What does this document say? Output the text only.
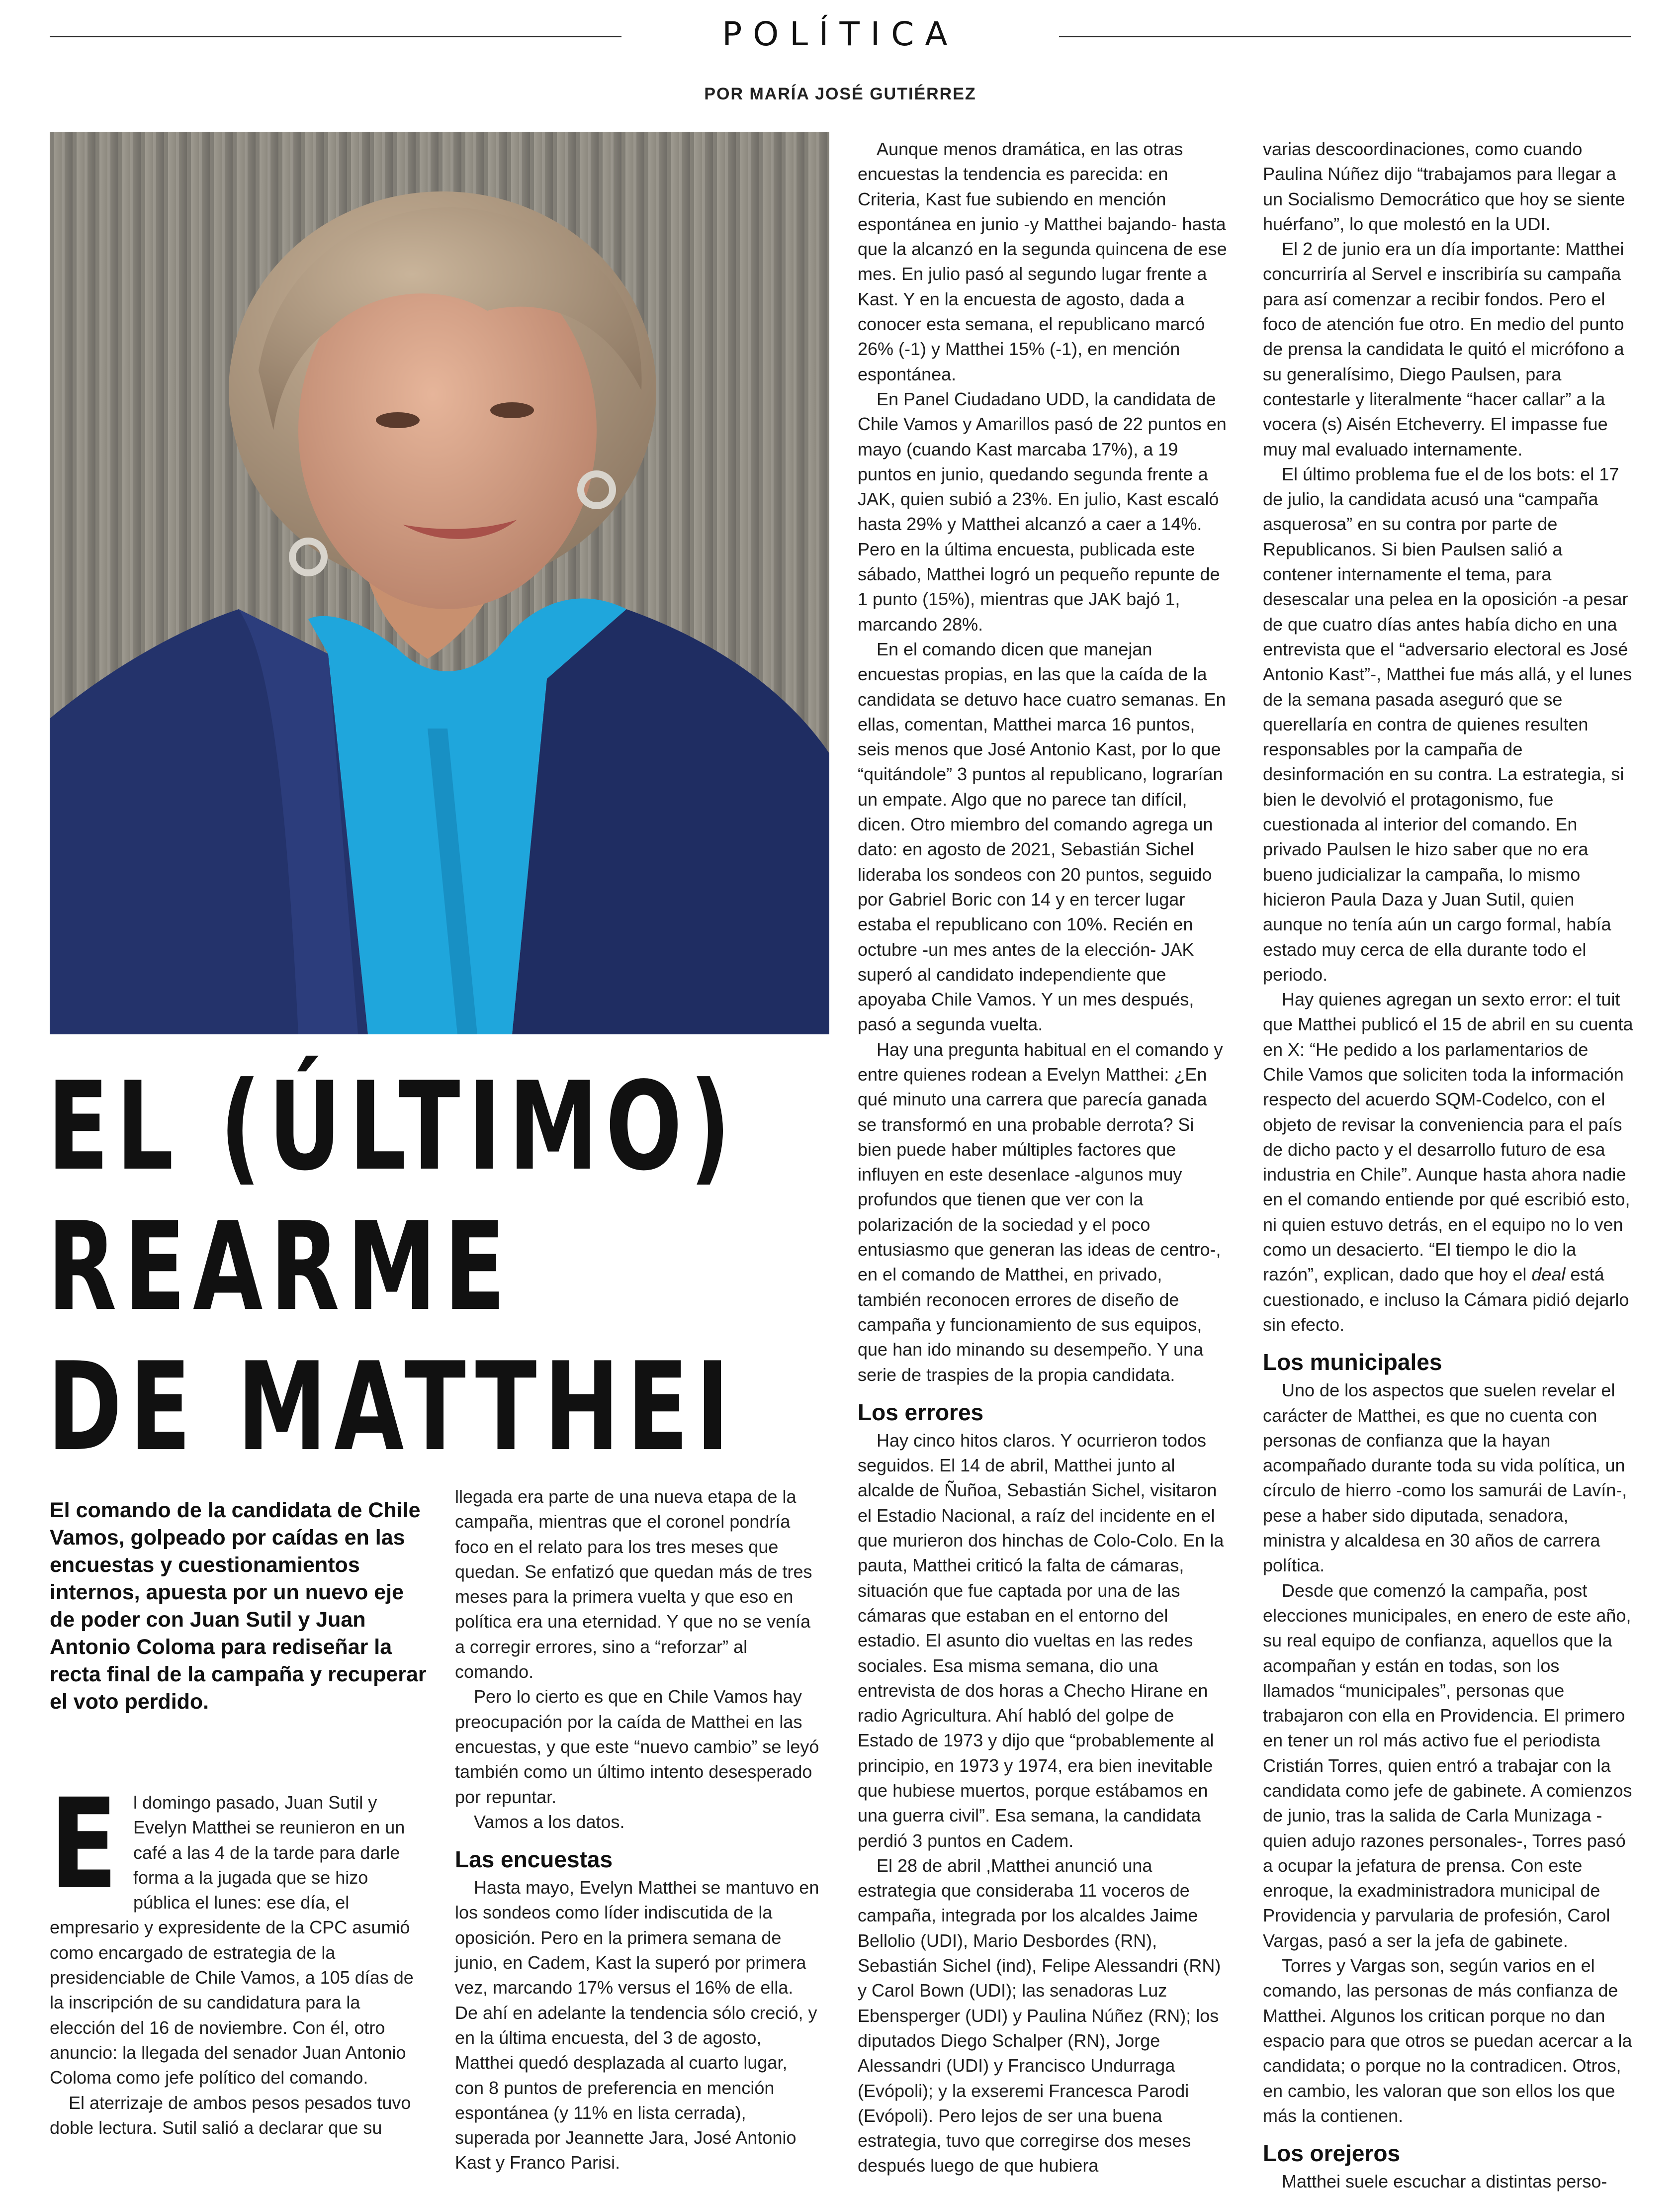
POLÍTICA
POR MARÍA JOSÉ GUTIÉRREZ
EL (ÚLTIMO)
REARME
DE MATTHEI
El comando de la candidata de Chile Vamos, golpeado por caídas en las encuestas y cuestionamientos internos, apuesta por un nuevo eje de poder con Juan Sutil y Juan Antonio Coloma para rediseñar la recta final de la campaña y recuperar el voto perdido.

El domingo pasado, Juan Sutil y Evelyn Matthei se reunieron en un café a las 4 de la tarde para darle forma a la jugada que se hizo pública el lunes: ese día, el empresario y expresidente de la CPC asumió como encargado de estrategia de la presidenciable de Chile Vamos, a 105 días de la inscripción de su candidatura para la elección del 16 de noviembre. Con él, otro anuncio: la llegada del senador Juan Antonio Coloma como jefe político del comando.

El aterrizaje de ambos pesos pesados tuvo doble lectura. Sutil salió a declarar que su

llegada era parte de una nueva etapa de la campaña, mientras que el coronel pondría foco en el relato para los tres meses que quedan. Se enfatizó que quedan más de tres meses para la primera vuelta y que eso en política era una eternidad. Y que no se venía a corregir errores, sino a “reforzar” al comando.

Pero lo cierto es que en Chile Vamos hay preocupación por la caída de Matthei en las encuestas, y que este “nuevo cambio” se leyó también como un último intento desesperado por repuntar.

Vamos a los datos.

Las encuestas

Hasta mayo, Evelyn Matthei se mantuvo en los sondeos como líder indiscutida de la oposición. Pero en la primera semana de junio, en Cadem, Kast la superó por primera vez, marcando 17% versus el 16% de ella. De ahí en adelante la tendencia sólo creció, y en la última encuesta, del 3 de agosto, Matthei quedó desplazada al cuarto lugar, con 8 puntos de preferencia en mención espontánea (y 11% en lista cerrada), superada por Jeannette Jara, José Antonio Kast y Franco Parisi.

Aunque menos dramática, en las otras encuestas la tendencia es parecida: en Criteria, Kast fue subiendo en mención espontánea en junio -y Matthei bajando- hasta que la alcanzó en la segunda quincena de ese mes. En julio pasó al segundo lugar frente a Kast. Y en la encuesta de agosto, dada a conocer esta semana, el republicano marcó 26% (-1) y Matthei 15% (-1), en mención espontánea.

En Panel Ciudadano UDD, la candidata de Chile Vamos y Amarillos pasó de 22 puntos en mayo (cuando Kast marcaba 17%), a 19 puntos en junio, quedando segunda frente a JAK, quien subió a 23%. En julio, Kast escaló hasta 29% y Matthei alcanzó a caer a 14%. Pero en la última encuesta, publicada este sábado, Matthei logró un pequeño repunte de 1 punto (15%), mientras que JAK bajó 1, marcando 28%.

En el comando dicen que manejan encuestas propias, en las que la caída de la candidata se detuvo hace cuatro semanas. En ellas, comentan, Matthei marca 16 puntos, seis menos que José Antonio Kast, por lo que “quitándole” 3 puntos al republicano, lograrían un empate. Algo que no parece tan difícil, dicen. Otro miembro del comando agrega un dato: en agosto de 2021, Sebastián Sichel lideraba los sondeos con 20 puntos, seguido por Gabriel Boric con 14 y en tercer lugar estaba el republicano con 10%. Recién en octubre -un mes antes de la elección- JAK superó al candidato independiente que apoyaba Chile Vamos. Y un mes después, pasó a segunda vuelta.

Hay una pregunta habitual en el comando y entre quienes rodean a Evelyn Matthei: ¿En qué minuto una carrera que parecía ganada se transformó en una probable derrota? Si bien puede haber múltiples factores que influyen en este desenlace -algunos muy profundos que tienen que ver con la polarización de la sociedad y el poco entusiasmo que generan las ideas de centro-, en el comando de Matthei, en privado, también reconocen errores de diseño de campaña y funcionamiento de sus equipos, que han ido minando su desempeño. Y una serie de traspies de la propia candidata.

Los errores

Hay cinco hitos claros. Y ocurrieron todos seguidos. El 14 de abril, Matthei junto al alcalde de Ñuñoa, Sebastián Sichel, visitaron el Estadio Nacional, a raíz del incidente en el que murieron dos hinchas de Colo-Colo. En la pauta, Matthei criticó la falta de cámaras, situación que fue captada por una de las cámaras que estaban en el entorno del estadio. El asunto dio vueltas en las redes sociales. Esa misma semana, dio una entrevista de dos horas a Checho Hirane en radio Agricultura. Ahí habló del golpe de Estado de 1973 y dijo que “probablemente al principio, en 1973 y 1974, era bien inevitable que hubiese muertos, porque estábamos en una guerra civil”. Esa semana, la candidata perdió 3 puntos en Cadem.

El 28 de abril ,Matthei anunció una estrategia que consideraba 11 voceros de campaña, integrada por los alcaldes Jaime Bellolio (UDI), Mario Desbordes (RN), Sebastián Sichel (ind), Felipe Alessandri (RN) y Carol Bown (UDI); las senadoras Luz Ebensperger (UDI) y Paulina Núñez (RN); los diputados Diego Schalper (RN), Jorge Alessandri (UDI) y Francisco Undurraga (Evópoli); y la exseremi Francesca Parodi (Evópoli). Pero lejos de ser una buena estrategia, tuvo que corregirse dos meses después luego de que hubiera

varias descoordinaciones, como cuando Paulina Núñez dijo “trabajamos para llegar a un Socialismo Democrático que hoy se siente huérfano”, lo que molestó en la UDI.

El 2 de junio era un día importante: Matthei concurriría al Servel e inscribiría su campaña para así comenzar a recibir fondos. Pero el foco de atención fue otro. En medio del punto de prensa la candidata le quitó el micrófono a su generalísimo, Diego Paulsen, para contestarle y literalmente “hacer callar” a la vocera (s) Aisén Etcheverry. El impasse fue muy mal evaluado internamente.

El último problema fue el de los bots: el 17 de julio, la candidata acusó una “campaña asquerosa” en su contra por parte de Republicanos. Si bien Paulsen salió a contener internamente el tema, para desescalar una pelea en la oposición -a pesar de que cuatro días antes había dicho en una entrevista que el “adversario electoral es José Antonio Kast”-, Matthei fue más allá, y el lunes de la semana pasada aseguró que se querellaría en contra de quienes resulten responsables por la campaña de desinformación en su contra. La estrategia, si bien le devolvió el protagonismo, fue cuestionada al interior del comando. En privado Paulsen le hizo saber que no era bueno judicializar la campaña, lo mismo hicieron Paula Daza y Juan Sutil, quien aunque no tenía aún un cargo formal, había estado muy cerca de ella durante todo el periodo.

Hay quienes agregan un sexto error: el tuit que Matthei publicó el 15 de abril en su cuenta en X: “He pedido a los parlamentarios de Chile Vamos que soliciten toda la información respecto del acuerdo SQM-Codelco, con el objeto de revisar la conveniencia para el país de dicho pacto y el desarrollo futuro de esa industria en Chile”. Aunque hasta ahora nadie en el comando entiende por qué escribió esto, ni quien estuvo detrás, en el equipo no lo ven como un desacierto. “El tiempo le dio la razón”, explican, dado que hoy el deal está cuestionado, e incluso la Cámara pidió dejarlo sin efecto.

Los municipales

Uno de los aspectos que suelen revelar el carácter de Matthei, es que no cuenta con personas de confianza que la hayan acompañado durante toda su vida política, un círculo de hierro -como los samurái de Lavín-, pese a haber sido diputada, senadora, ministra y alcaldesa en 30 años de carrera política.

Desde que comenzó la campaña, post elecciones municipales, en enero de este año, su real equipo de confianza, aquellos que la acompañan y están en todas, son los llamados “municipales”, personas que trabajaron con ella en Providencia. El primero en tener un rol más activo fue el periodista Cristián Torres, quien entró a trabajar con la candidata como jefe de gabinete. A comienzos de junio, tras la salida de Carla Munizaga -quien adujo razones personales-, Torres pasó a ocupar la jefatura de prensa. Con este enroque, la exadministradora municipal de Providencia y parvularia de profesión, Carol Vargas, pasó a ser la jefa de gabinete.

Torres y Vargas son, según varios en el comando, las personas de más confianza de Matthei. Algunos los critican porque no dan espacio para que otros se puedan acercar a la candidata; o porque no la contradicen. Otros, en cambio, les valoran que son ellos los que más la contienen.

Los orejeros

Matthei suele escuchar a distintas perso-
